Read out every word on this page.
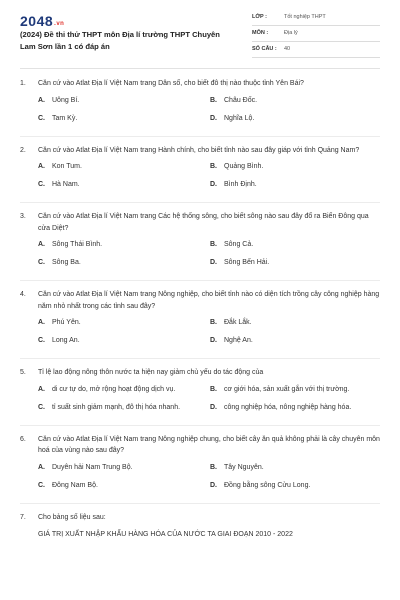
2048.vn
(2024) Đề thi thử THPT môn Địa lí trường THPT Chuyên Lam Sơn lần 1 có đáp án
LỚP :	Tốt nghiệp THPT
MÔN :	Địa lý
SỐ CÂU : 40
1. Căn cứ vào Atlat Địa lí Việt Nam trang Dân số, cho biết đô thị nào thuộc tỉnh Yên Bái?
A. Uông Bí.	B. Châu Đốc.
C. Tam Kỳ.	D. Nghĩa Lộ.
2. Căn cứ vào Atlat Địa lí Việt Nam trang Hành chính, cho biết tỉnh nào sau đây giáp với tỉnh Quảng Nam?
A. Kon Tum.	B. Quảng Bình.
C. Hà Nam.	D. Bình Định.
3. Căn cứ vào Atlat Địa lí Việt Nam trang Các hệ thống sông, cho biết sông nào sau đây đổ ra Biển Đông qua cửa Diệt?
A. Sông Thái Bình.	B. Sông Cả.
C. Sông Ba.	D. Sông Bến Hải.
4. Căn cứ vào Atlat Địa lí Việt Nam trang Nông nghiệp, cho biết tỉnh nào có diện tích trồng cây công nghiệp hàng năm nhỏ nhất trong các tỉnh sau đây?
A. Phú Yên.	B. Đắk Lắk.
C. Long An.	D. Nghệ An.
5. Tỉ lệ lao động nông thôn nước ta hiện nay giảm chủ yếu do tác động của
A. di cư tự do, mở rộng hoạt động dịch vụ.	B. cơ giới hóa, sản xuất gắn với thị trường.
C. tỉ suất sinh giảm mạnh, đô thị hóa nhanh.	D. công nghiệp hóa, nông nghiệp hàng hóa.
6. Căn cứ vào Atlat Địa lí Việt Nam trang Nông nghiệp chung, cho biết cây ăn quả không phải là cây chuyên môn hoá của vùng nào sau đây?
A. Duyên hải Nam Trung Bộ.	B. Tây Nguyên.
C. Đông Nam Bộ.	D. Đồng bằng sông Cửu Long.
7. Cho bảng số liệu sau:
GIÁ TRỊ XUẤT NHẬP KHẨU HÀNG HÓA CỦA NƯỚC TA GIAI ĐOẠN 2010 - 2022
